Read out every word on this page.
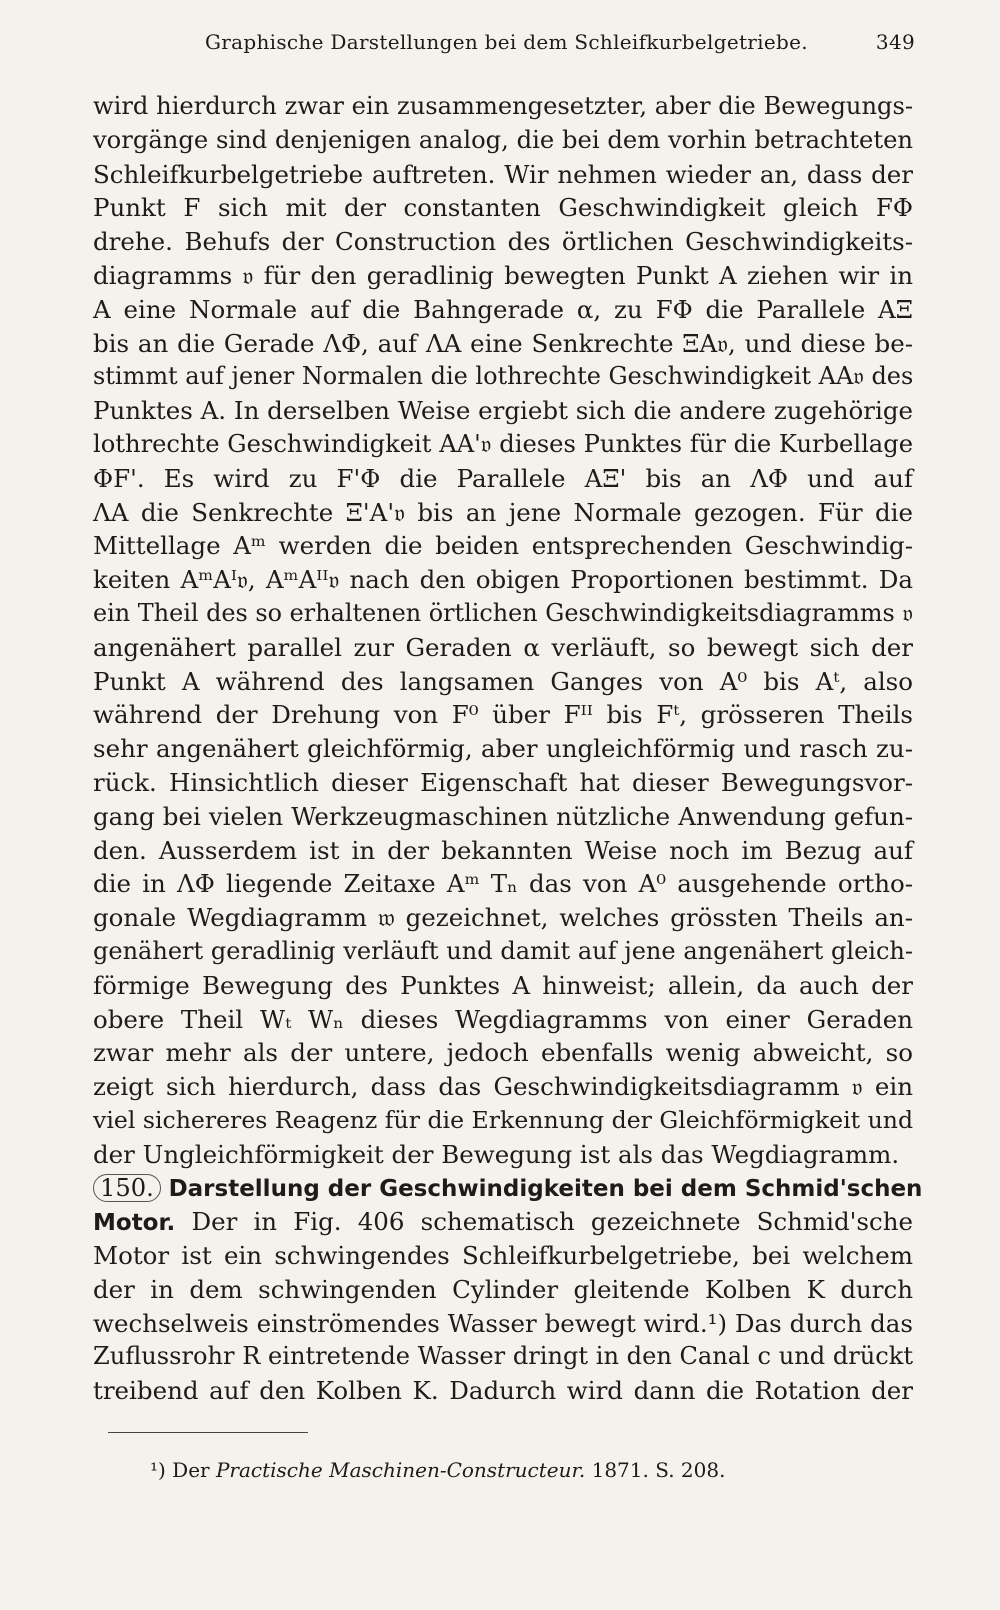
Graphische Darstellungen bei dem Schleifkurbelgetriebe.	349
wird hierdurch zwar ein zusammengesetzter, aber die Bewegungs-
vorgänge sind denjenigen analog, die bei dem vorhin betrachteten
Schleifkurbelgetriebe auftreten. Wir nehmen wieder an, dass der
Punkt F sich mit der constanten Geschwindigkeit gleich FΦ
drehe. Behufs der Construction des örtlichen Geschwindigkeits-
diagramms 𝔳 für den geradlinig bewegten Punkt A ziehen wir in
A eine Normale auf die Bahngerade α, zu FΦ die Parallele AΞ
bis an die Gerade ΛΦ, auf ΛA eine Senkrechte ΞA𝔳, und diese be-
stimmt auf jener Normalen die lothrechte Geschwindigkeit AA𝔳 des
Punktes A. In derselben Weise ergiebt sich die andere zugehörige
lothrechte Geschwindigkeit AA'𝔳 dieses Punktes für die Kurbellage
ΦF'. Es wird zu F'Φ die Parallele AΞ' bis an ΛΦ und auf
ΛA die Senkrechte Ξ'A'𝔳 bis an jene Normale gezogen. Für die
Mittellage Aᵐ werden die beiden entsprechenden Geschwindig-
keiten AᵐAᴵ𝔳, AᵐAᴵᴵ𝔳 nach den obigen Proportionen bestimmt. Da
ein Theil des so erhaltenen örtlichen Geschwindigkeitsdiagramms 𝔳
angenähert parallel zur Geraden α verläuft, so bewegt sich der
Punkt A während des langsamen Ganges von A⁰ bis Aᵗ, also
während der Drehung von F⁰ über Fᴵᴵ bis Fᵗ, grösseren Theils
sehr angenähert gleichförmig, aber ungleichförmig und rasch zu-
rück. Hinsichtlich dieser Eigenschaft hat dieser Bewegungsvor-
gang bei vielen Werkzeugmaschinen nützliche Anwendung gefun-
den. Ausserdem ist in der bekannten Weise noch im Bezug auf
die in ΛΦ liegende Zeitaxe Aᵐ Tₙ das von A⁰ ausgehende ortho-
gonale Wegdiagramm 𝔴 gezeichnet, welches grössten Theils an-
genähert geradlinig verläuft und damit auf jene angenähert gleich-
förmige Bewegung des Punktes A hinweist; allein, da auch der
obere Theil Wₜ Wₙ dieses Wegdiagramms von einer Geraden
zwar mehr als der untere, jedoch ebenfalls wenig abweicht, so
zeigt sich hierdurch, dass das Geschwindigkeitsdiagramm 𝔳 ein
viel sichereres Reagenz für die Erkennung der Gleichförmigkeit und
der Ungleichförmigkeit der Bewegung ist als das Wegdiagramm.
150. Darstellung der Geschwindigkeiten bei dem Schmid'schen
Motor. Der in Fig. 406 schematisch gezeichnete Schmid'sche
Motor ist ein schwingendes Schleifkurbelgetriebe, bei welchem
der in dem schwingenden Cylinder gleitende Kolben K durch
wechselweis einströmendes Wasser bewegt wird.¹) Das durch das
Zuflussrohr R eintretende Wasser dringt in den Canal c und drückt
treibend auf den Kolben K. Dadurch wird dann die Rotation der
¹) Der Practische Maschinen-Constructeur. 1871. S. 208.
